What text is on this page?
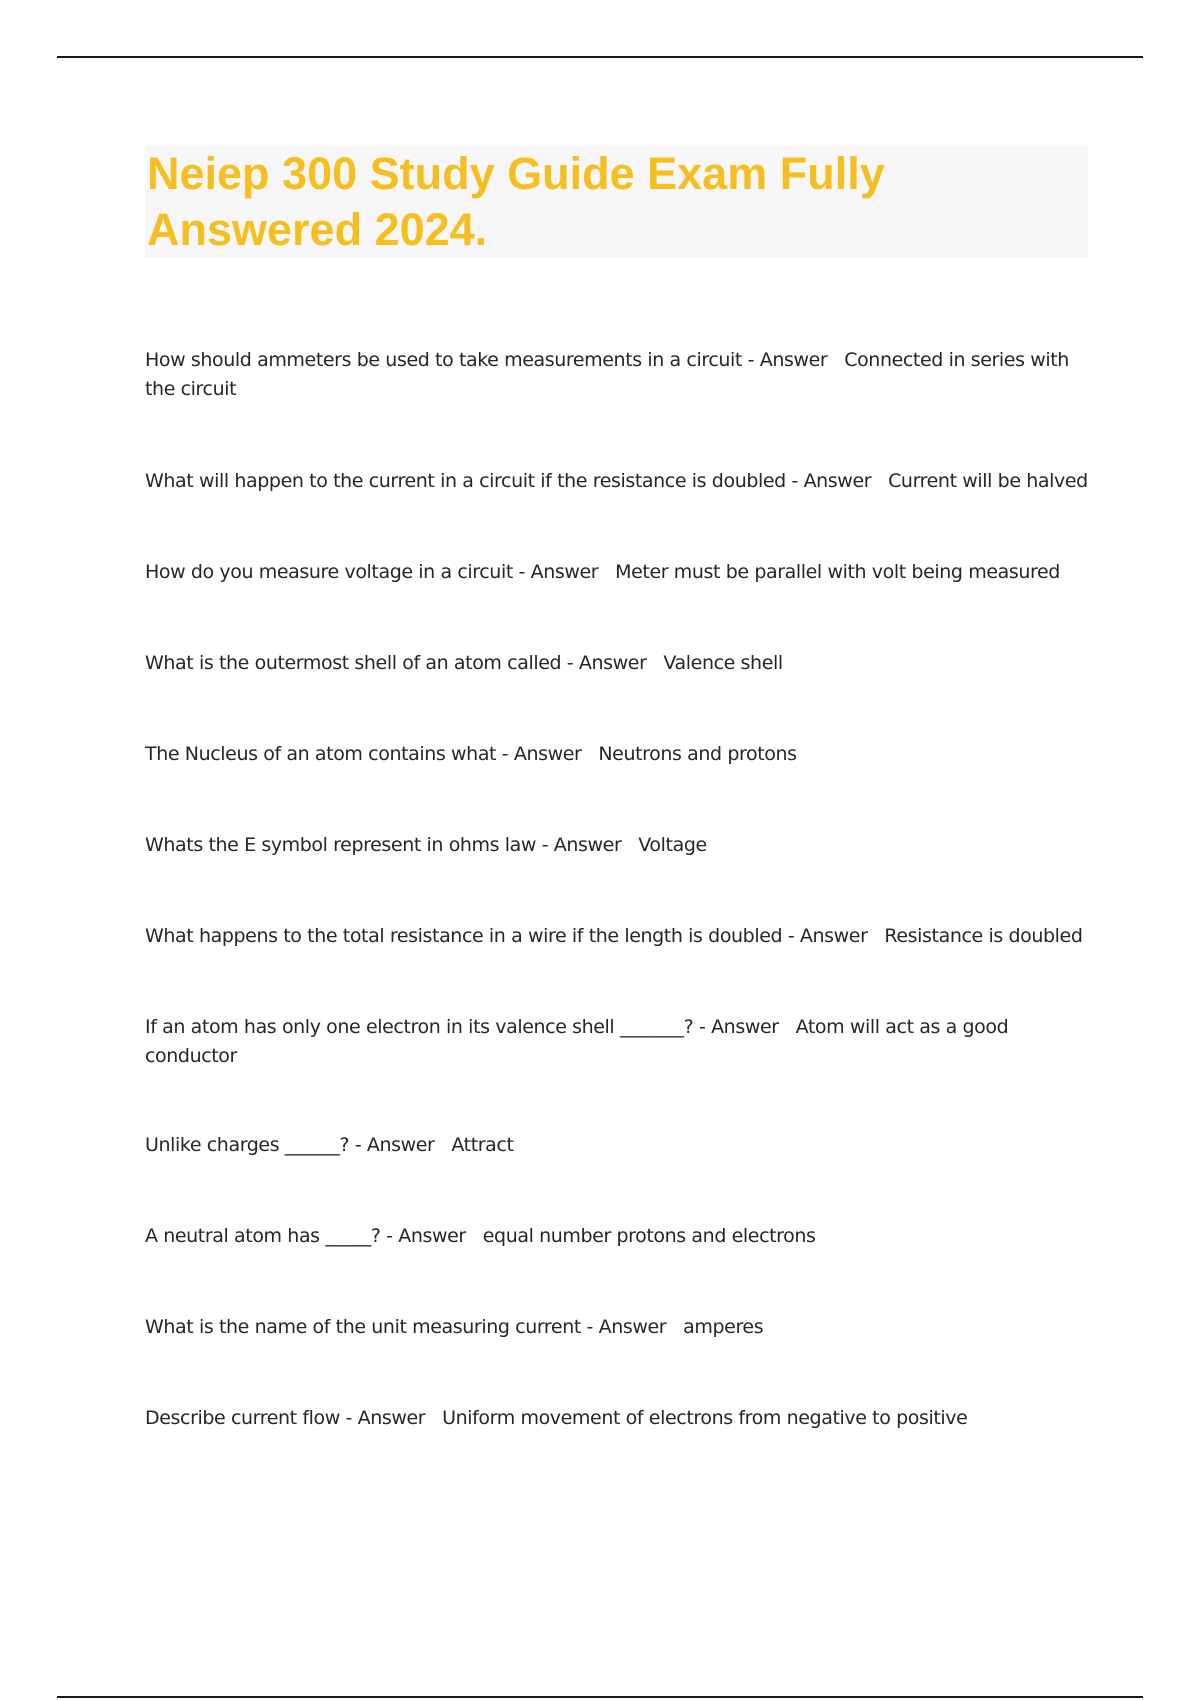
Neiep 300 Study Guide Exam Fully
Answered 2024.

How should ammeters be used to take measurements in a circuit - Answer   Connected in series with the circuit

What will happen to the current in a circuit if the resistance is doubled - Answer   Current will be halved

How do you measure voltage in a circuit - Answer   Meter must be parallel with volt being measured

What is the outermost shell of an atom called - Answer   Valence shell

The Nucleus of an atom contains what - Answer   Neutrons and protons

Whats the E symbol represent in ohms law - Answer   Voltage

What happens to the total resistance in a wire if the length is doubled - Answer   Resistance is doubled

If an atom has only one electron in its valence shell _______? - Answer   Atom will act as a good conductor

Unlike charges ______? - Answer   Attract

A neutral atom has _____? - Answer   equal number protons and electrons

What is the name of the unit measuring current - Answer   amperes

Describe current flow - Answer   Uniform movement of electrons from negative to positive
